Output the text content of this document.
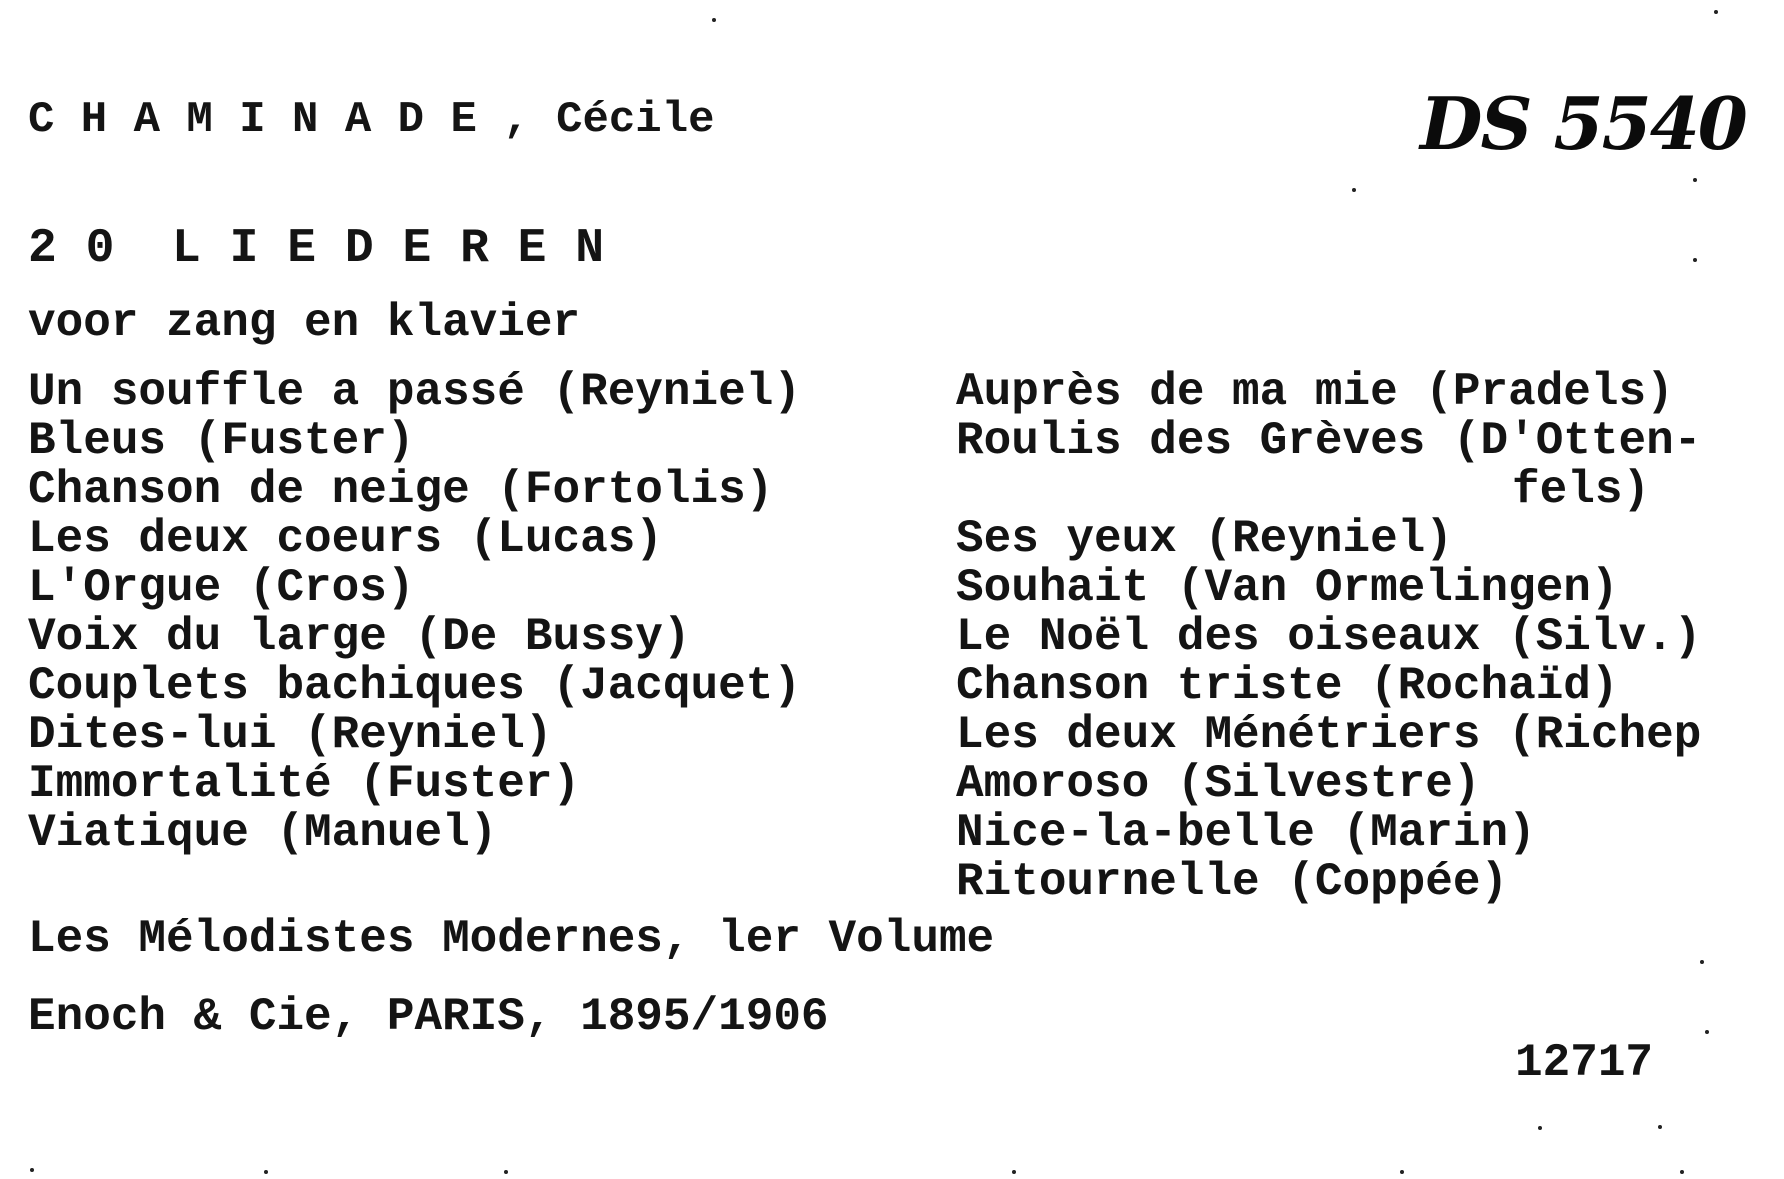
C H A M I N A D E , Cécile	DS 5540
2 0  L I E D E R E N
voor zang en klavier
Un souffle a passé (Reyniel)
Bleus (Fuster)
Chanson de neige (Fortolis)
Les deux coeurs (Lucas)
L'Orgue (Cros)
Voix du large (De Bussy)
Couplets bachiques (Jacquet)
Dites-lui (Reyniel)
Immortalité (Fuster)
Viatique (Manuel)
Auprès de ma mie (Pradels)
Roulis des Grèves (D'Otten-
fels)
Ses yeux (Reyniel)
Souhait (Van Ormelingen)
Le Noël des oiseaux (Silv.)
Chanson triste (Rochaïd)
Les deux Ménétriers (Richep
Amoroso (Silvestre)
Nice-la-belle (Marin)
Ritournelle (Coppée)
Les Mélodistes Modernes, ler Volume
Enoch & Cie, PARIS, 1895/1906
12717
